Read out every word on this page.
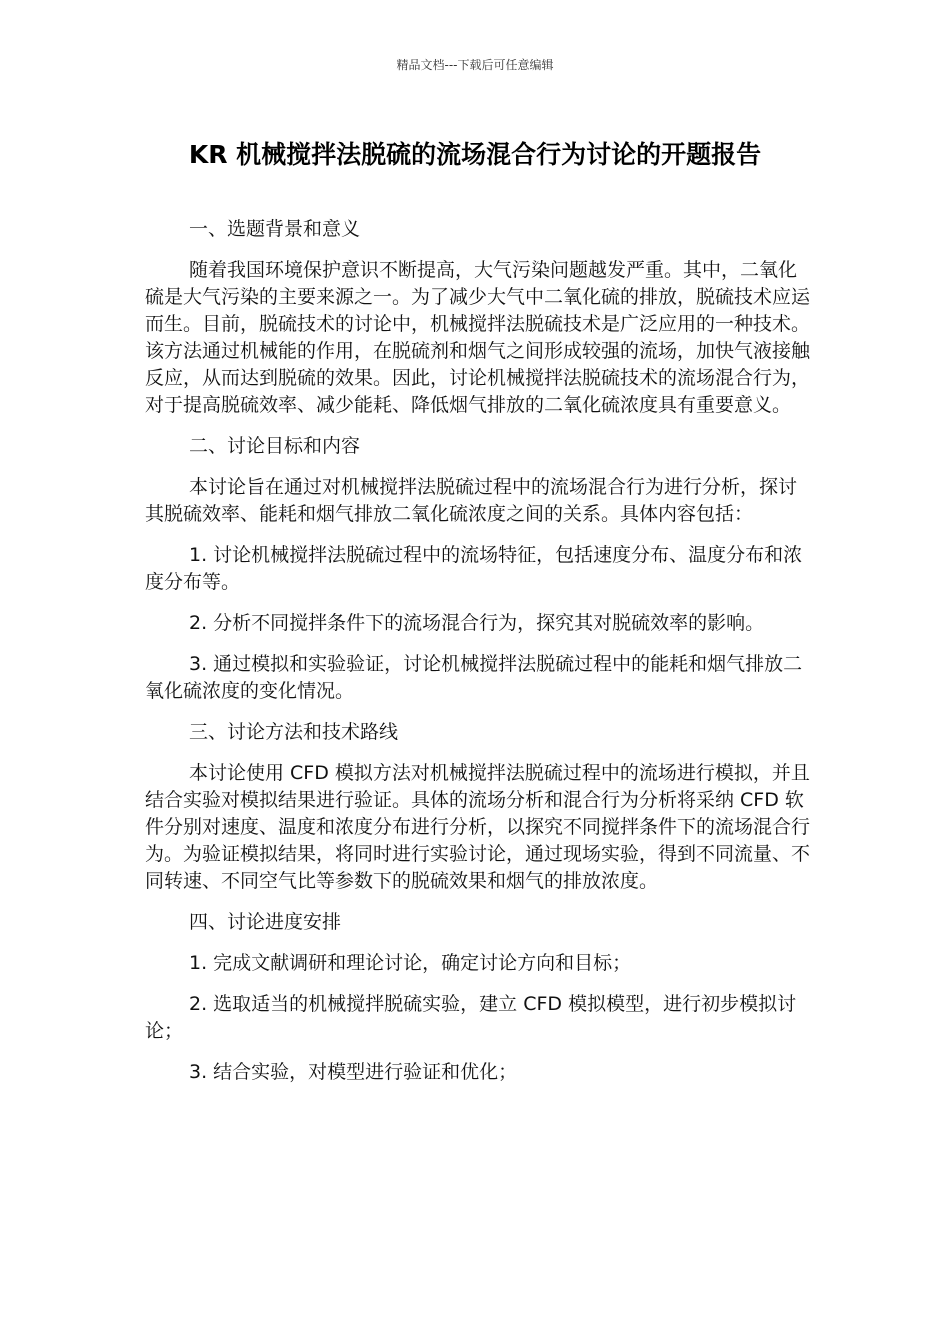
精品文档---下载后可任意编辑
KR 机械搅拌法脱硫的流场混合行为讨论的开题报告

一、选题背景和意义

随着我国环境保护意识不断提高，大气污染问题越发严重。其中，二氧化硫是大气污染的主要来源之一。为了减少大气中二氧化硫的排放，脱硫技术应运而生。目前，脱硫技术的讨论中，机械搅拌法脱硫技术是广泛应用的一种技术。该方法通过机械能的作用，在脱硫剂和烟气之间形成较强的流场，加快气液接触反应，从而达到脱硫的效果。因此，讨论机械搅拌法脱硫技术的流场混合行为，对于提高脱硫效率、减少能耗、降低烟气排放的二氧化硫浓度具有重要意义。

二、讨论目标和内容

本讨论旨在通过对机械搅拌法脱硫过程中的流场混合行为进行分析，探讨其脱硫效率、能耗和烟气排放二氧化硫浓度之间的关系。具体内容包括：

1. 讨论机械搅拌法脱硫过程中的流场特征，包括速度分布、温度分布和浓度分布等。

2. 分析不同搅拌条件下的流场混合行为，探究其对脱硫效率的影响。

3. 通过模拟和实验验证，讨论机械搅拌法脱硫过程中的能耗和烟气排放二氧化硫浓度的变化情况。

三、讨论方法和技术路线

本讨论使用 CFD 模拟方法对机械搅拌法脱硫过程中的流场进行模拟，并且结合实验对模拟结果进行验证。具体的流场分析和混合行为分析将采纳 CFD 软件分别对速度、温度和浓度分布进行分析，以探究不同搅拌条件下的流场混合行为。为验证模拟结果，将同时进行实验讨论，通过现场实验，得到不同流量、不同转速、不同空气比等参数下的脱硫效果和烟气的排放浓度。

四、讨论进度安排

1. 完成文献调研和理论讨论，确定讨论方向和目标；

2. 选取适当的机械搅拌脱硫实验，建立 CFD 模拟模型，进行初步模拟讨论；

3. 结合实验，对模型进行验证和优化；
